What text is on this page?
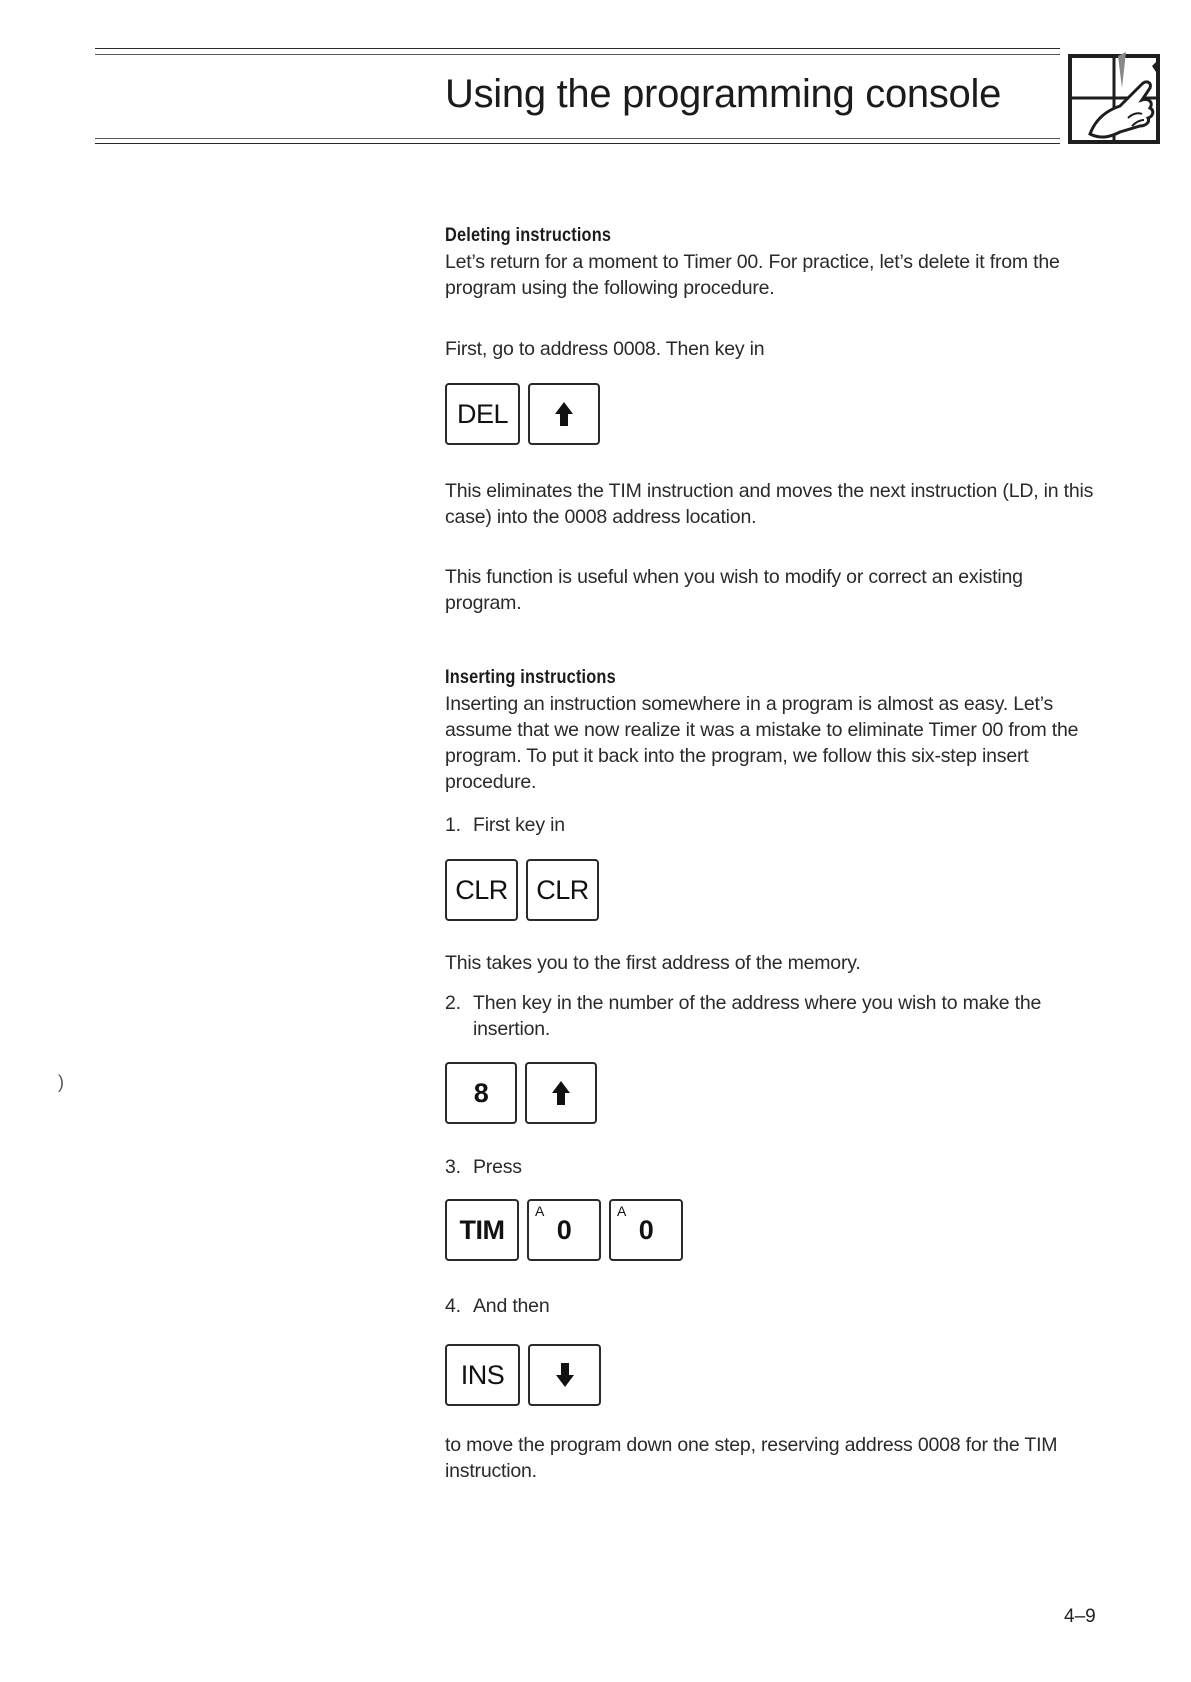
Using the programming console
Deleting instructions

Let’s return for a moment to Timer 00. For practice, let’s delete it from the program using the following procedure.

First, go to address 0008. Then key in

DEL

This eliminates the TIM instruction and moves the next instruction (LD, in this case) into the 0008 address location.

This function is useful when you wish to modify or correct an existing program.

Inserting instructions

Inserting an instruction somewhere in a program is almost as easy. Let’s assume that we now realize it was a mistake to eliminate Timer 00 from the program. To put it back into the program, we follow this six-step insert procedure.

1. First key in
CLR CLR

This takes you to the first address of the memory.

2. Then key in the number of the address where you wish to make the insertion.
8
3. Press
TIM
A
0
A
0
4. And then
INS

to move the program down one step, reserving address 0008 for the TIM instruction.

)
4–9
